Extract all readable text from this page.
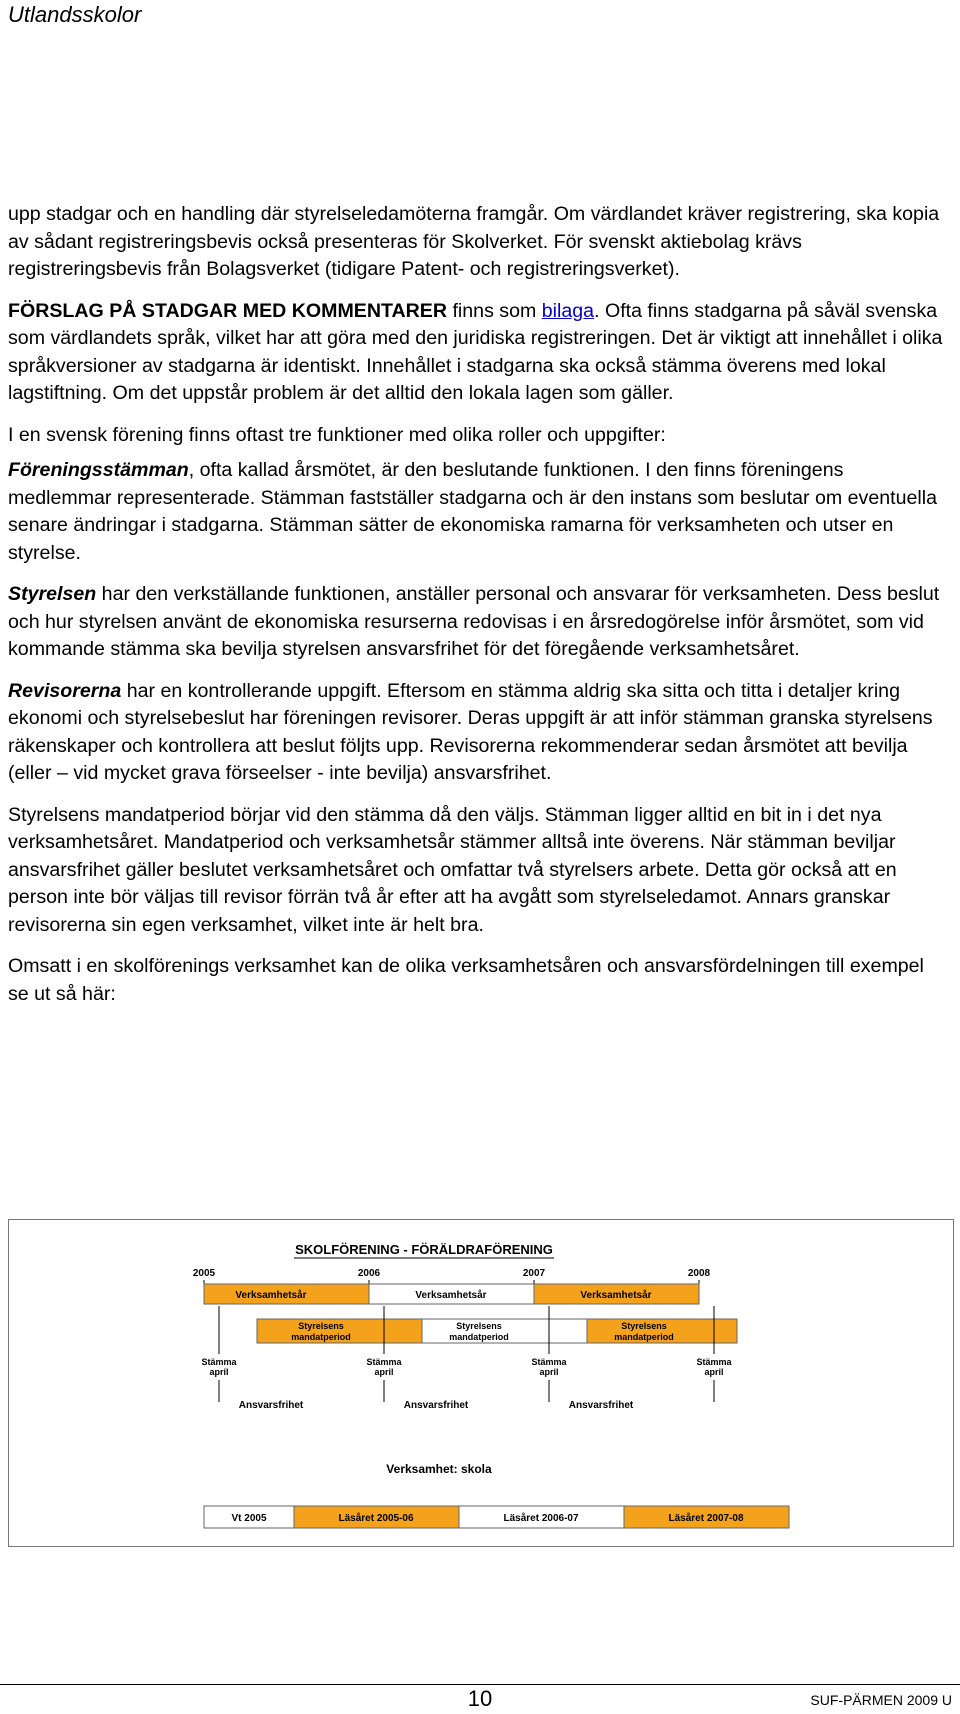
Utlandsskolor

upp stadgar och en handling där styrelseledamöterna framgår. Om värdlandet kräver registrering, ska kopia av sådant registreringsbevis också presenteras för Skolverket. För svenskt aktiebolag krävs registreringsbevis från Bolagsverket (tidigare Patent- och registreringsverket).

FÖRSLAG PÅ STADGAR MED KOMMENTARER finns som bilaga. Ofta finns stadgarna på såväl svenska som värdlandets språk, vilket har att göra med den juridiska registreringen. Det är viktigt att innehållet i olika språkversioner av stadgarna är identiskt. Innehållet i stadgarna ska också stämma överens med lokal lagstiftning. Om det uppstår problem är det alltid den lokala lagen som gäller.

I en svensk förening finns oftast tre funktioner med olika roller och uppgifter:

Föreningsstämman, ofta kallad årsmötet, är den beslutande funktionen. I den finns föreningens medlemmar representerade. Stämman fastställer stadgarna och är den instans som beslutar om eventuella senare ändringar i stadgarna. Stämman sätter de ekonomiska ramarna för verksamheten och utser en styrelse.

Styrelsen har den verkställande funktionen, anställer personal och ansvarar för verksamheten. Dess beslut och hur styrelsen använt de ekonomiska resurserna redovisas i en årsredogörelse inför årsmötet, som vid kommande stämma ska bevilja styrelsen ansvarsfrihet för det föregående verksamhetsåret.

Revisorerna har en kontrollerande uppgift. Eftersom en stämma aldrig ska sitta och titta i detaljer kring ekonomi och styrelsebeslut har föreningen revisorer. Deras uppgift är att inför stämman granska styrelsens räkenskaper och kontrollera att beslut följts upp. Revisorerna rekommenderar sedan årsmötet att bevilja (eller – vid mycket grava förseelser - inte bevilja) ansvarsfrihet.

Styrelsens mandatperiod börjar vid den stämma då den väljs. Stämman ligger alltid en bit in i det nya verksamhetsåret. Mandatperiod och verksamhetsår stämmer alltså inte överens. När stämman beviljar ansvarsfrihet gäller beslutet verksamhetsåret och omfattar två styrelsers arbete. Detta gör också att en person inte bör väljas till revisor förrän två år efter att ha avgått som styrelseledamot. Annars granskar revisorerna sin egen verksamhet, vilket inte är helt bra.

Omsatt i en skolförenings verksamhet kan de olika verksamhetsåren och ansvarsfördelningen till exempel se ut så här:

SKOLFÖRENING - FÖRÄLDRAFÖRENING
2005	2006	2007	2008
Verksamhetsår	Verksamhetsår	Verksamhetsår
Styrelsens
mandatperiod
Styrelsens
mandatperiod
Styrelsens
mandatperiod
Stämma
april
Stämma
april
Stämma
april
Stämma
april
Ansvarsfrihet	Ansvarsfrihet	Ansvarsfrihet
Verksamhet: skola
Vt 2005	Läsåret 2005-06	Läsåret 2006-07	Läsåret 2007-08
10	SUF-PÄRMEN 2009 U
